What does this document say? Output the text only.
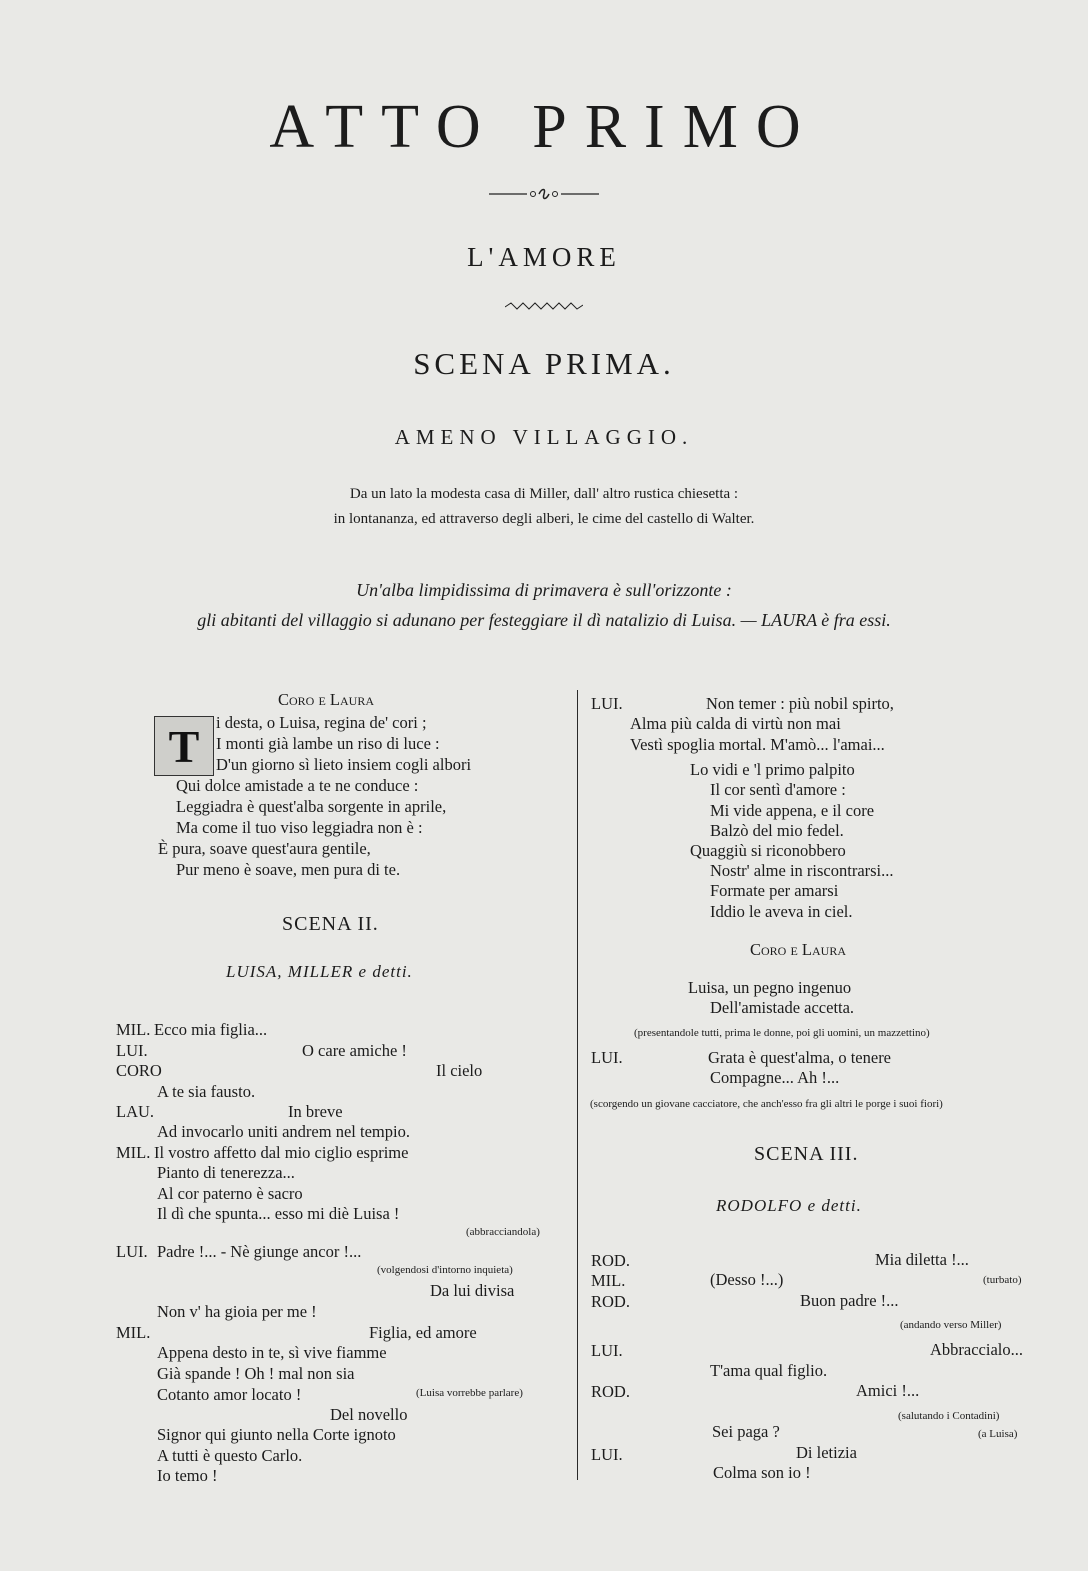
ATTO PRIMO
L'AMORE
SCENA PRIMA.
AMENO VILLAGGIO.
Da un lato la modesta casa di Miller, dall' altro rustica chiesetta :
in lontananza, ed attraverso degli alberi, le cime del castello di Walter.
Un'alba limpidissima di primavera è sull'orizzonte :
gli abitanti del villaggio si adunano per festeggiare il dì natalizio di Luisa. — LAURA è fra essi.
Coro e Laura
T	i desta, o Luisa, regina de' cori ;
I monti già lambe un riso di luce :
D'un giorno sì lieto insiem cogli albori
Qui dolce amistade a te ne conduce :
Leggiadra è quest'alba sorgente in aprile,
Ma come il tuo viso leggiadra non è :
È pura, soave quest'aura gentile,
Pur meno è soave, men pura di te.
SCENA II.
LUISA, MILLER e detti.
MIL. Ecco mia figlia...
LUI.	O care amiche !
CORO	Il cielo
A te sia fausto.
LAU.	In breve
Ad invocarlo uniti andrem nel tempio.
MIL. Il vostro affetto dal mio ciglio esprime
Pianto di tenerezza...
Al cor paterno è sacro
Il dì che spunta... esso mi diè Luisa !
(abbracciandola)
LUI. Padre !... - Nè giunge ancor !...
(volgendosi d'intorno inquieta)
Da lui divisa
Non v' ha gioia per me !
MIL.	Figlia, ed amore
Appena desto in te, sì vive fiamme
Già spande ! Oh ! mal non sia
Cotanto amor locato !	(Luisa vorrebbe parlare)
Del novello
Signor qui giunto nella Corte ignoto
A tutti è questo Carlo.
Io temo !
LUI.	Non temer : più nobil spirto,
Alma più calda di virtù non mai
Vestì spoglia mortal. M'amò... l'amai...
Lo vidi e 'l primo palpito
Il cor sentì d'amore :
Mi vide appena, e il core
Balzò del mio fedel.
Quaggiù si riconobbero
Nostr' alme in riscontrarsi...
Formate per amarsi
Iddio le aveva in ciel.
Coro e Laura
Luisa, un pegno ingenuo
Dell'amistade accetta.
(presentandole tutti, prima le donne, poi gli uomini, un mazzettino)
LUI.	Grata è quest'alma, o tenere
Compagne... Ah !...
(scorgendo un giovane cacciatore, che anch'esso fra gli altri le porge i suoi fiori)
SCENA III.
RODOLFO e detti.
ROD.	Mia diletta !...
MIL.	(Desso !...)	(turbato)
ROD.	Buon padre !...
(andando verso Miller)
LUI.	Abbraccialo...
T'ama qual figlio.
ROD.	Amici !...
(salutando i Contadini)
Sei paga ?	(a Luisa)
LUI.	Di letizia
Colma son io !
